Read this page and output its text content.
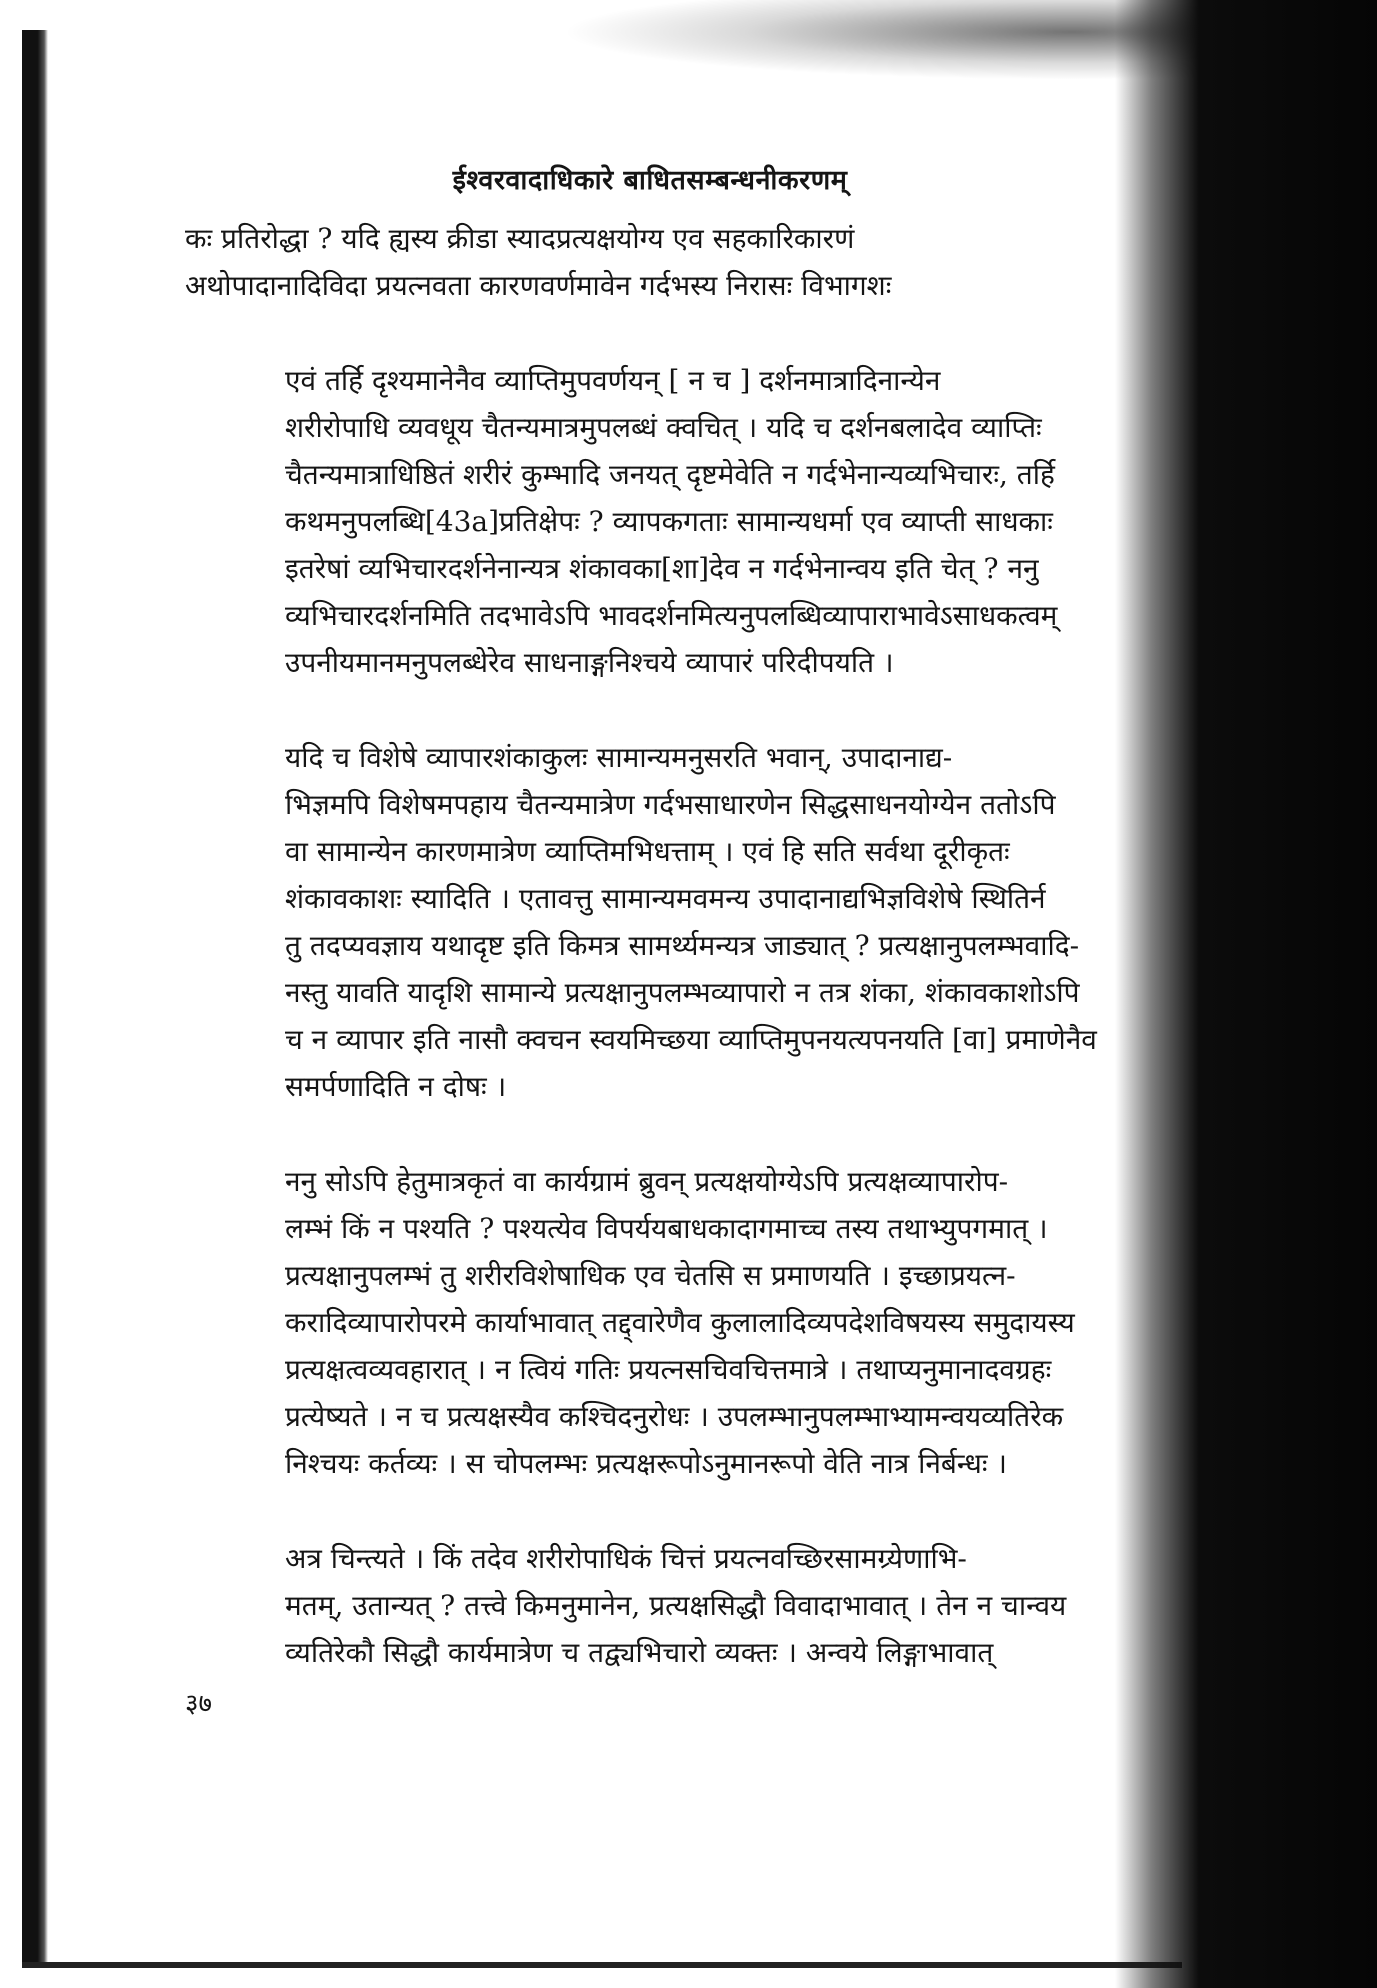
ईश्वरवादाधिकारे बाधितसम्बन्धनीकरणम्
कः प्रतिरोद्धा ? यदि ह्यस्य क्रीडा स्यादप्रत्यक्षयोग्य एव सहकारिकारणं
अथोपादानादिविदा प्रयत्नवता कारणवर्णमावेन गर्दभस्य निरासः विभागशः
एवं तर्हि दृश्यमानेनैव व्याप्तिमुपवर्णयन् [ न च ] दर्शनमात्रादिनान्येन
शरीरोपाधि व्यवधूय चैतन्यमात्रमुपलब्धं क्वचित् । यदि च दर्शनबलादेव व्याप्तिः
चैतन्यमात्राधिष्ठितं शरीरं कुम्भादि जनयत् दृष्टमेवेति न गर्दभेनान्यव्यभिचारः, तर्हि
कथमनुपलब्धि[43a]प्रतिक्षेपः ? व्यापकगताः सामान्यधर्मा एव व्याप्ती साधकाः
इतरेषां व्यभिचारदर्शनेनान्यत्र शंकावका[शा]देव न गर्दभेनान्वय इति चेत् ? ननु
व्यभिचारदर्शनमिति तदभावेऽपि भावदर्शनमित्यनुपलब्धिव्यापाराभावेऽसाधकत्वम्
उपनीयमानमनुपलब्धेरेव साधनाङ्गनिश्चये व्यापारं परिदीपयति ।
यदि च विशेषे व्यापारशंकाकुलः सामान्यमनुसरति भवान्, उपादानाद्य-
भिज्ञमपि विशेषमपहाय चैतन्यमात्रेण गर्दभसाधारणेन सिद्धसाधनयोग्येन ततोऽपि
वा सामान्येन कारणमात्रेण व्याप्तिमभिधत्ताम् । एवं हि सति सर्वथा दूरीकृतः
शंकावकाशः स्यादिति । एतावत्तु सामान्यमवमन्य उपादानाद्यभिज्ञविशेषे स्थितिर्न
तु तदप्यवज्ञाय यथादृष्ट इति किमत्र सामर्थ्यमन्यत्र जाड्यात् ? प्रत्यक्षानुपलम्भवादि-
नस्तु यावति यादृशि सामान्ये प्रत्यक्षानुपलम्भव्यापारो न तत्र शंका, शंकावकाशोऽपि
च न व्यापार इति नासौ क्वचन स्वयमिच्छया व्याप्तिमुपनयत्यपनयति [वा] प्रमाणेनैव
समर्पणादिति न दोषः ।
ननु सोऽपि हेतुमात्रकृतं वा कार्यग्रामं ब्रुवन् प्रत्यक्षयोग्येऽपि प्रत्यक्षव्यापारोप-
लम्भं किं न पश्यति ? पश्यत्येव विपर्ययबाधकादागमाच्च तस्य तथाभ्युपगमात् ।
प्रत्यक्षानुपलम्भं तु शरीरविशेषाधिक एव चेतसि स प्रमाणयति । इच्छाप्रयत्न-
करादिव्यापारोपरमे कार्याभावात् तद्द्वारेणैव कुलालादिव्यपदेशविषयस्य समुदायस्य
प्रत्यक्षत्वव्यवहारात् । न त्वियं गतिः प्रयत्नसचिवचित्तमात्रे । तथाप्यनुमानादवग्रहः
प्रत्येष्यते । न च प्रत्यक्षस्यैव कश्चिदनुरोधः । उपलम्भानुपलम्भाभ्यामन्वयव्यतिरेक
निश्चयः कर्तव्यः । स चोपलम्भः प्रत्यक्षरूपोऽनुमानरूपो वेति नात्र निर्बन्धः ।
अत्र चिन्त्यते । किं तदेव शरीरोपाधिकं चित्तं प्रयत्नवच्छिरसामग्र्येणाभि-
मतम्, उतान्यत् ? तत्त्वे किमनुमानेन, प्रत्यक्षसिद्धौ विवादाभावात् । तेन न चान्वय
व्यतिरेकौ सिद्धौ कार्यमात्रेण च तद्व्यभिचारो व्यक्तः । अन्वये लिङ्गाभावात्
३७
